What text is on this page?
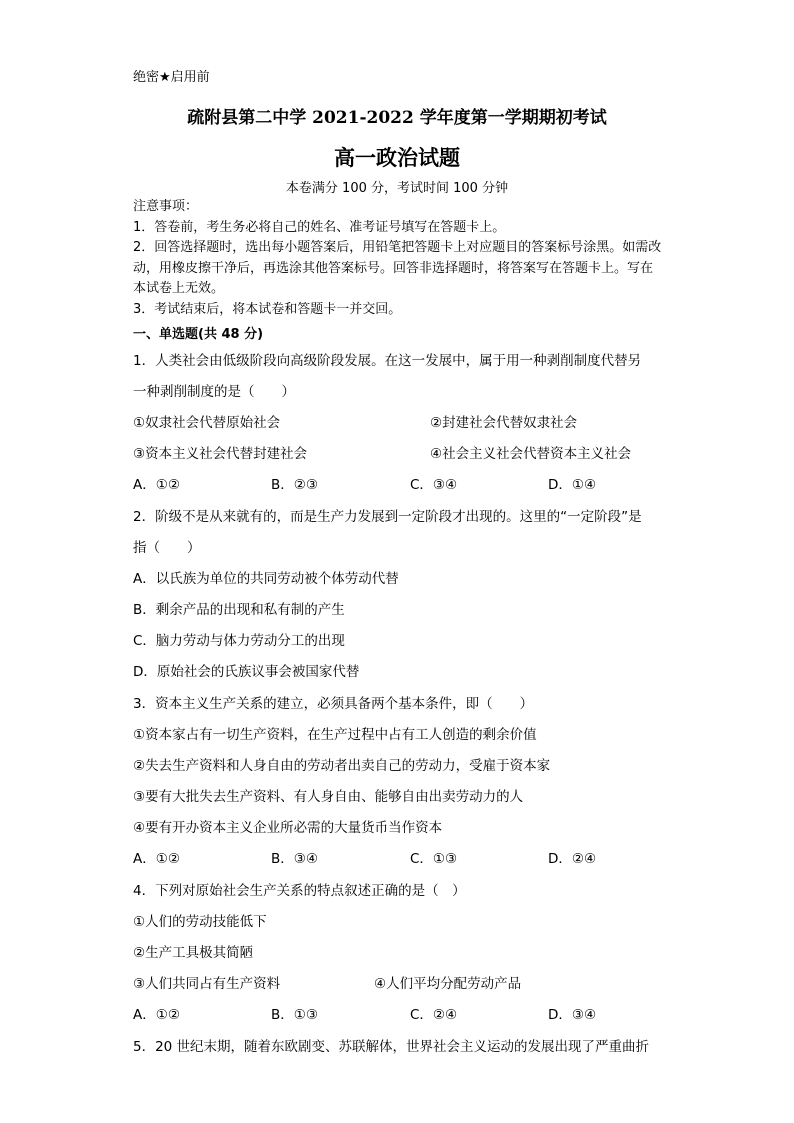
绝密★启用前
疏附县第二中学 2021-2022 学年度第一学期期初考试
高一政治试题
本卷满分 100 分，考试时间 100 分钟

注意事项：

1．答卷前，考生务必将自己的姓名、准考证号填写在答题卡上。

2．回答选择题时，选出每小题答案后，用铅笔把答题卡上对应题目的答案标号涂黑。如需改动，用橡皮擦干净后，再选涂其他答案标号。回答非选择题时，将答案写在答题卡上。写在本试卷上无效。

3．考试结束后，将本试卷和答题卡一并交回。

一、单选题(共 48 分)
1．人类社会由低级阶段向高级阶段发展。在这一发展中，属于用一种剥削制度代替另
一种剥削制度的是（　　）
①奴隶社会代替原始社会	②封建社会代替奴隶社会
③资本主义社会代替封建社会	④社会主义社会代替资本主义社会
A．①②	B．②③	C．③④	D．①④
2．阶级不是从来就有的，而是生产力发展到一定阶段才出现的。这里的“一定阶段”是
指（　　）
A．以氏族为单位的共同劳动被个体劳动代替
B．剩余产品的出现和私有制的产生
C．脑力劳动与体力劳动分工的出现
D．原始社会的氏族议事会被国家代替
3．资本主义生产关系的建立，必须具备两个基本条件，即（　　）
①资本家占有一切生产资料，在生产过程中占有工人创造的剩余价值
②失去生产资料和人身自由的劳动者出卖自己的劳动力，受雇于资本家
③要有大批失去生产资料、有人身自由、能够自由出卖劳动力的人
④要有开办资本主义企业所必需的大量货币当作资本
A．①②	B．③④	C．①③	D．②④
4．下列对原始社会生产关系的特点叙述正确的是（　）
①人们的劳动技能低下
②生产工具极其简陋
③人们共同占有生产资料	④人们平均分配劳动产品
A．①②	B．①③	C．②④	D．③④
5．20 世纪末期，随着东欧剧变、苏联解体，世界社会主义运动的发展出现了严重曲折
